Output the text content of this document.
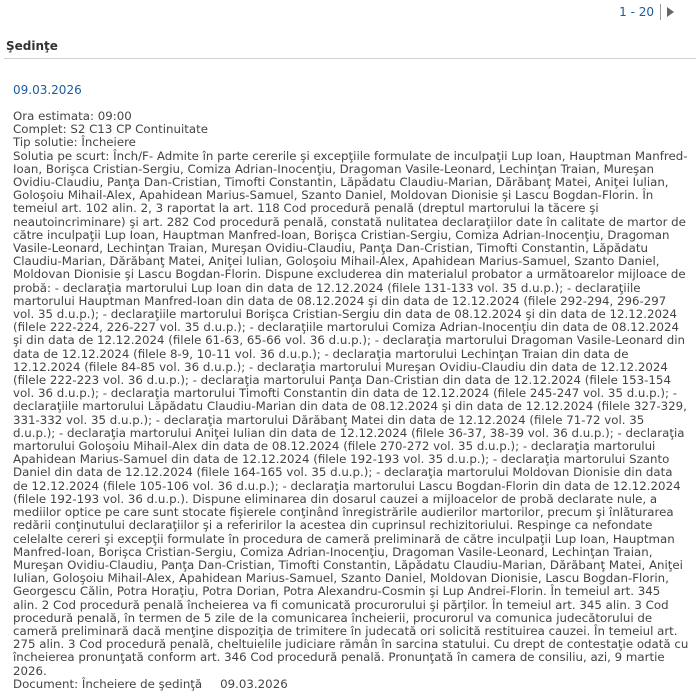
1 - 20
Şedinţe
09.03.2026
Ora estimata: 09:00
Complet: S2 C13 CP Continuitate
Tip solutie: Încheiere
Solutia pe scurt: Înch/F- Admite în parte cererile şi excepţiile formulate de inculpaţii Lup Ioan, Hauptman Manfred-Ioan, Borişca Cristian-Sergiu, Comiza Adrian-Inocenţiu, Dragoman Vasile-Leonard, Lechinţan Traian, Mureşan Ovidiu-Claudiu, Panţa Dan-Cristian, Timofti Constantin, Lăpădatu Claudiu-Marian, Dărăbanţ Matei, Aniţei Iulian, Goloşoiu Mihail-Alex, Apahidean Marius-Samuel, Szanto Daniel, Moldovan Dionisie şi Lascu Bogdan-Florin. În temeiul art. 102 alin. 2, 3 raportat la art. 118 Cod procedură penală (dreptul martorului la tăcere şi neautoincriminare) şi art. 282 Cod procedură penală, constată nulitatea declaraţiilor date în calitate de martor de către inculpaţii Lup Ioan, Hauptman Manfred-Ioan, Borişca Cristian-Sergiu, Comiza Adrian-Inocenţiu, Dragoman Vasile-Leonard, Lechinţan Traian, Mureşan Ovidiu-Claudiu, Panţa Dan-Cristian, Timofti Constantin, Lăpădatu Claudiu-Marian, Dărăbanţ Matei, Aniţei Iulian, Goloşoiu Mihail-Alex, Apahidean Marius-Samuel, Szanto Daniel, Moldovan Dionisie şi Lascu Bogdan-Florin. Dispune excluderea din materialul probator a următoarelor mijloace de probă: - declaraţia martorului Lup Ioan din data de 12.12.2024 (filele 131-133 vol. 35 d.u.p.); - declaraţiile martorului Hauptman Manfred-Ioan din data de 08.12.2024 şi din data de 12.12.2024 (filele 292-294, 296-297 vol. 35 d.u.p.); - declaraţiile martorului Borişca Cristian-Sergiu din data de 08.12.2024 şi din data de 12.12.2024 (filele 222-224, 226-227 vol. 35 d.u.p.); - declaraţiile martorului Comiza Adrian-Inocenţiu din data de 08.12.2024 şi din data de 12.12.2024 (filele 61-63, 65-66 vol. 36 d.u.p.); - declaraţia martorului Dragoman Vasile-Leonard din data de 12.12.2024 (filele 8-9, 10-11 vol. 36 d.u.p.); - declaraţia martorului Lechinţan Traian din data de 12.12.2024 (filele 84-85 vol. 36 d.u.p.); - declaraţia martorului Mureşan Ovidiu-Claudiu din data de 12.12.2024 (filele 222-223 vol. 36 d.u.p.); - declaraţia martorului Panţa Dan-Cristian din data de 12.12.2024 (filele 153-154 vol. 36 d.u.p.); - declaraţia martorului Timofti Constantin din data de 12.12.2024 (filele 245-247 vol. 35 d.u.p.); - declaraţiile martorului Lăpădatu Claudiu-Marian din data de 08.12.2024 şi din data de 12.12.2024 (filele 327-329, 331-332 vol. 35 d.u.p.); - declaraţia martorului Dărăbanţ Matei din data de 12.12.2024 (filele 71-72 vol. 35 d.u.p.); - declaraţia martorului Aniţei Iulian din data de 12.12.2024 (filele 36-37, 38-39 vol. 36 d.u.p.); - declaraţia martorului Goloşoiu Mihail-Alex din data de 08.12.2024 (filele 270-272 vol. 35 d.u.p.); - declaraţia martorului Apahidean Marius-Samuel din data de 12.12.2024 (filele 192-193 vol. 35 d.u.p.); - declaraţia martorului Szanto Daniel din data de 12.12.2024 (filele 164-165 vol. 35 d.u.p.); - declaraţia martorului Moldovan Dionisie din data de 12.12.2024 (filele 105-106 vol. 36 d.u.p.); - declaraţia martorului Lascu Bogdan-Florin din data de 12.12.2024 (filele 192-193 vol. 36 d.u.p.). Dispune eliminarea din dosarul cauzei a mijloacelor de probă declarate nule, a mediilor optice pe care sunt stocate fişierele conţinând înregistrările audierilor martorilor, precum şi înlăturarea redării conţinutului declaraţiilor şi a referirilor la acestea din cuprinsul rechizitoriului. Respinge ca nefondate celelalte cereri şi excepţii formulate în procedura de cameră preliminară de către inculpaţii Lup Ioan, Hauptman Manfred-Ioan, Borişca Cristian-Sergiu, Comiza Adrian-Inocenţiu, Dragoman Vasile-Leonard, Lechinţan Traian, Mureşan Ovidiu-Claudiu, Panţa Dan-Cristian, Timofti Constantin, Lăpădatu Claudiu-Marian, Dărăbanţ Matei, Aniţei Iulian, Goloşoiu Mihail-Alex, Apahidean Marius-Samuel, Szanto Daniel, Moldovan Dionisie, Lascu Bogdan-Florin, Georgescu Călin, Potra Horaţiu, Potra Dorian, Potra Alexandru-Cosmin şi Lup Andrei-Florin. În temeiul art. 345 alin. 2 Cod procedură penală încheierea va fi comunicată procurorului şi părţilor. În temeiul art. 345 alin. 3 Cod procedură penală, în termen de 5 zile de la comunicarea încheierii, procurorul va comunica judecătorului de cameră preliminară dacă menţine dispoziţia de trimitere în judecată ori solicită restituirea cauzei. În temeiul art. 275 alin. 3 Cod procedură penală, cheltuielile judiciare rămân în sarcina statului. Cu drept de contestaţie odată cu încheierea pronunţată conform art. 346 Cod procedură penală. Pronunţată în camera de consiliu, azi, 9 martie 2026.
Document: Încheiere de şedinţă 09.03.2026
